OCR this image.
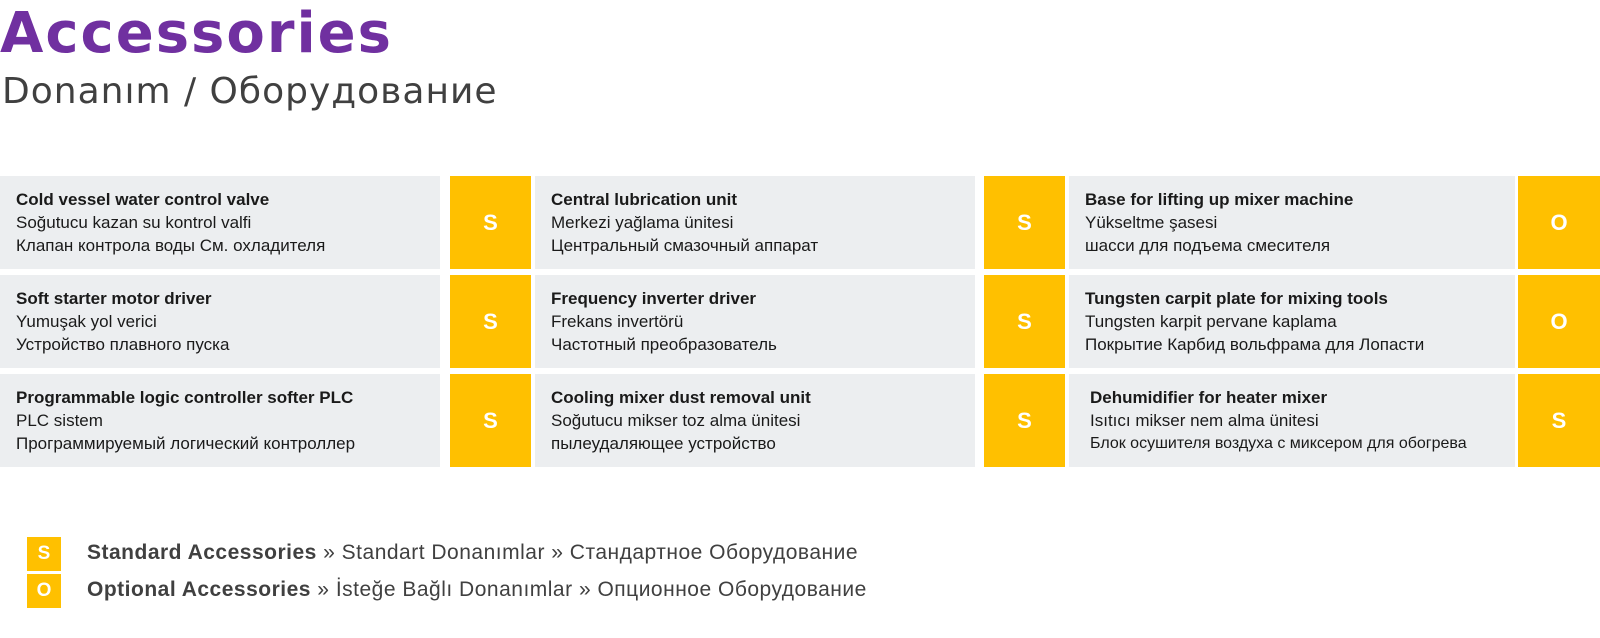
Accessories
Donanım / Оборудование
Cold vessel water control valve
Soğutucu kazan su kontrol valfi
Клапан контрола воды См. охладителя
S
Central lubrication unit
Merkezi yağlama ünitesi
Центральный смазочный аппарат
S
Base for lifting up mixer machine
Yükseltme şasesi
шасси для подъема смесителя
O
Soft starter motor driver
Yumuşak yol verici
Устройство плавного пуска
S
Frequency inverter driver
Frekans invertörü
Частотный преобразователь
S
Tungsten carpit plate for mixing tools
Tungsten karpit pervane kaplama
Покрытие Карбид вольфрама для Лопасти
O
Programmable logic controller softer PLC
PLC sistem
Программируемый логический контроллер
S
Cooling mixer dust removal unit
Soğutucu mikser toz alma ünitesi
пылеудаляющее устройство
S
Dehumidifier for heater mixer
Isıtıcı mikser nem alma ünitesi
Блок осушителя воздуха с миксером для обогрева
S
S	Standard Accessories » Standart Donanımlar » Стандартное Оборудование
O	Optional Accessories » İsteğe Bağlı Donanımlar » Опционное Оборудование
